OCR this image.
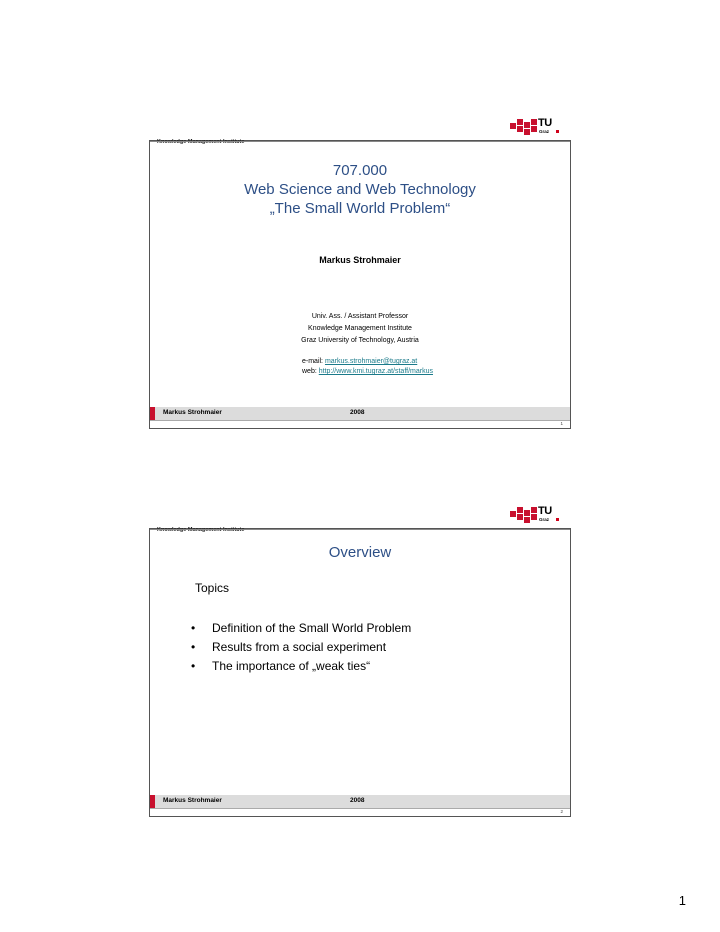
Knowledge Management Institute
TU
Graz
707.000
Web Science and Web Technology
„The Small World Problem“
Markus Strohmaier
Univ. Ass. / Assistant Professor
Knowledge Management Institute
Graz University of Technology, Austria
e-mail: markus.strohmaier@tugraz.at
web: http://www.kmi.tugraz.at/staff/markus
Markus Strohmaier	2008
1
Knowledge Management Institute
TU
Graz
Overview
Topics
• Definition of the Small World Problem
• Results from a social experiment
• The importance of „weak ties“
Markus Strohmaier	2008
2
1
